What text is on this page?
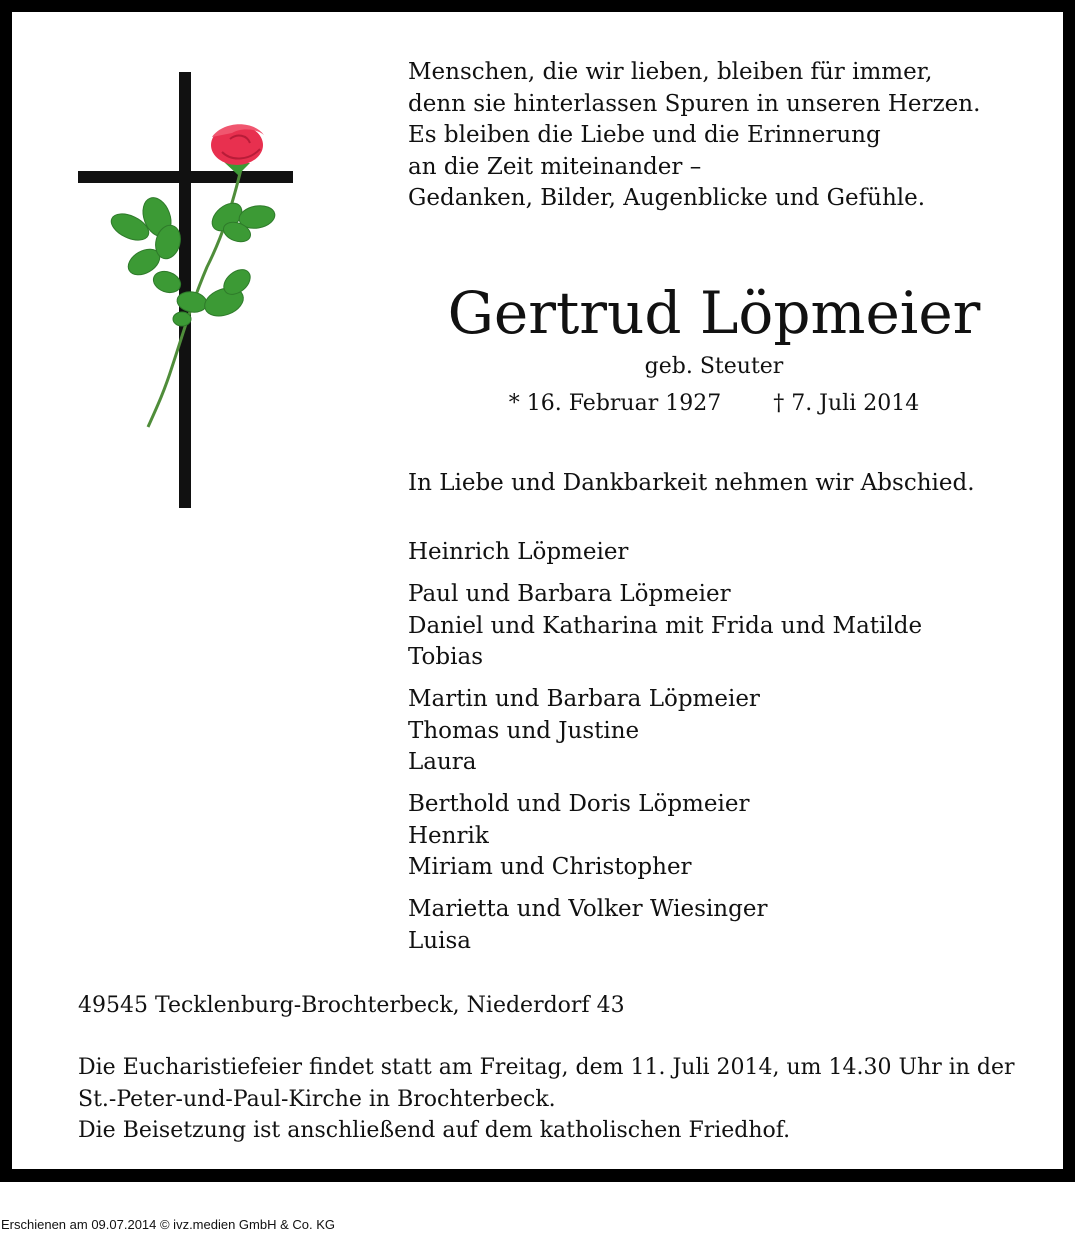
Menschen, die wir lieben, bleiben für immer,
denn sie hinterlassen Spuren in unseren Herzen.
Es bleiben die Liebe und die Erinnerung
an die Zeit miteinander –
Gedanken, Bilder, Augenblicke und Gefühle.
Gertrud Löpmeier
geb. Steuter
* 16. Februar 1927 † 7. Juli 2014
In Liebe und Dankbarkeit nehmen wir Abschied.
Heinrich Löpmeier
Paul und Barbara Löpmeier
Daniel und Katharina mit Frida und Matilde
Tobias
Martin und Barbara Löpmeier
Thomas und Justine
Laura
Berthold und Doris Löpmeier
Henrik
Miriam und Christopher
Marietta und Volker Wiesinger
Luisa
49545 Tecklenburg-Brochterbeck, Niederdorf 43
Die Eucharistiefeier findet statt am Freitag, dem 11. Juli 2014, um 14.30 Uhr in der
St.-Peter-und-Paul-Kirche in Brochterbeck.
Die Beisetzung ist anschließend auf dem katholischen Friedhof.
Erschienen am 09.07.2014 © ivz.medien GmbH & Co. KG
